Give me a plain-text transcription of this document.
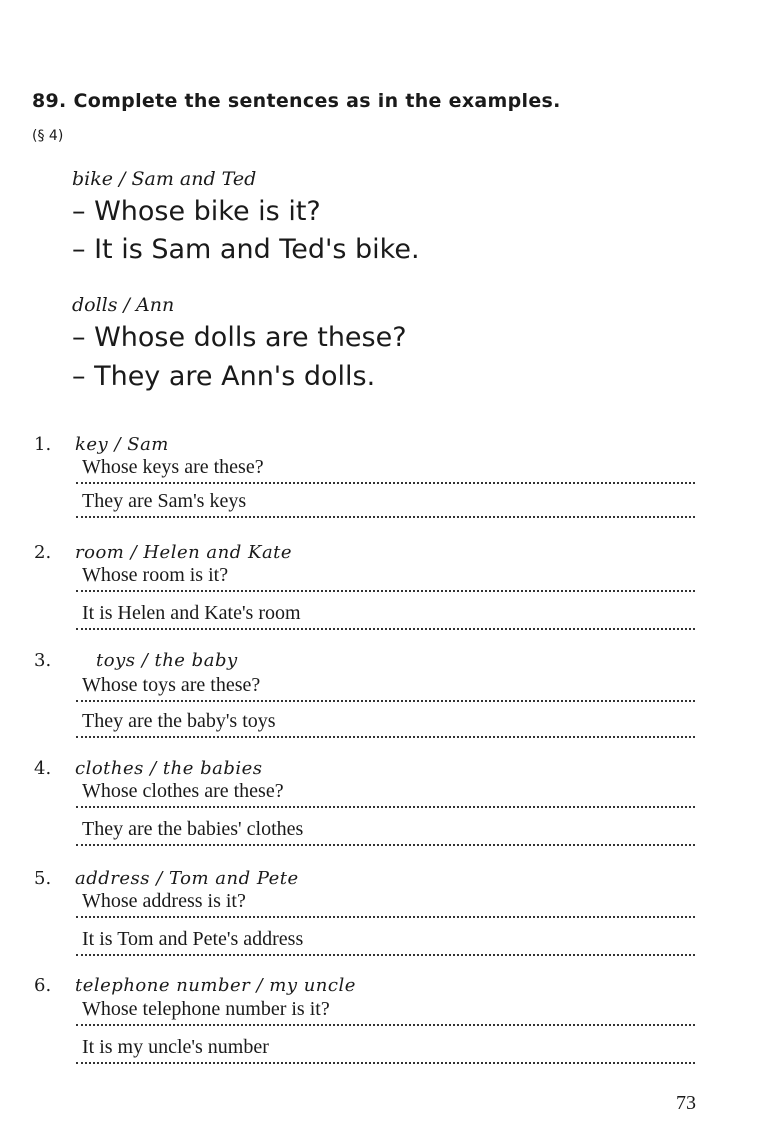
89. Complete the sentences as in the examples.
(§ 4)
bike / Sam and Ted
– Whose bike is it?
– It is Sam and Ted's bike.
dolls / Ann
– Whose dolls are these?
– They are Ann's dolls.
1. key / Sam
Whose keys are these?
They are Sam's keys
2. room / Helen and Kate
Whose room is it?
It is Helen and Kate's room
3. toys / the baby
Whose toys are these?
They are the baby's toys
4. clothes / the babies
Whose clothes are these?
They are the babies' clothes
5. address / Tom and Pete
Whose address is it?
It is Tom and Pete's address
6. telephone number / my uncle
Whose telephone number is it?
It is my uncle's number
73
